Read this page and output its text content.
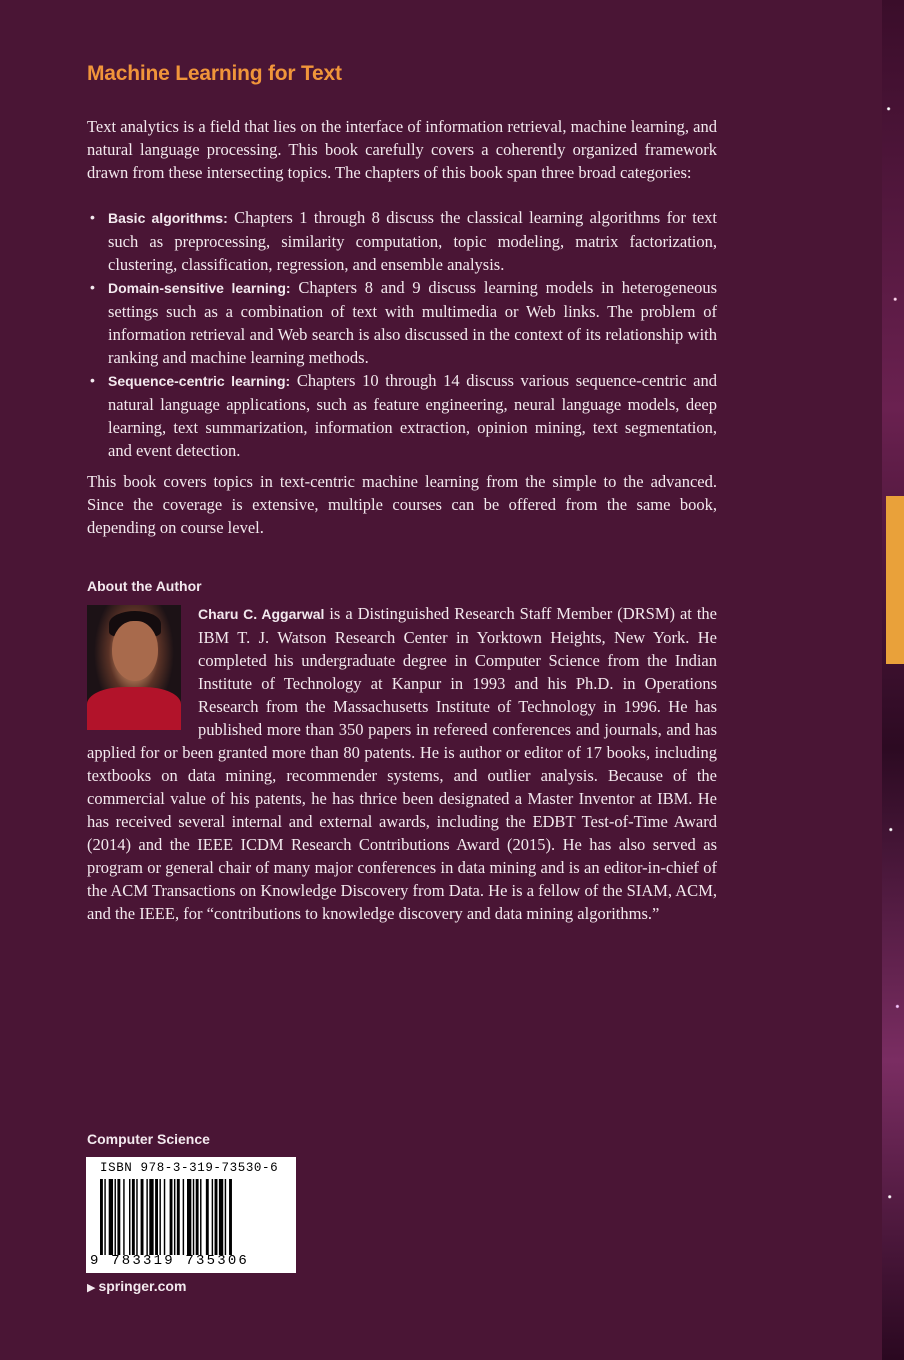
Machine Learning for Text
Text analytics is a field that lies on the interface of information retrieval, machine learning, and natural language processing. This book carefully covers a coherently organized framework drawn from these intersecting topics. The chapters of this book span three broad categories:
• Basic algorithms: Chapters 1 through 8 discuss the classical learning algorithms for text such as preprocessing, similarity computation, topic modeling, matrix factorization, clustering, classification, regression, and ensemble analysis.
• Domain-sensitive learning: Chapters 8 and 9 discuss learning models in heterogeneous settings such as a combination of text with multimedia or Web links. The problem of information retrieval and Web search is also discussed in the context of its relationship with ranking and machine learning methods.
• Sequence-centric learning: Chapters 10 through 14 discuss various sequence-centric and natural language applications, such as feature engineering, neural language models, deep learning, text summarization, information extraction, opinion mining, text segmentation, and event detection.
This book covers topics in text-centric machine learning from the simple to the advanced. Since the coverage is extensive, multiple courses can be offered from the same book, depending on course level.
About the Author
Charu C. Aggarwal is a Distinguished Research Staff Member (DRSM) at the IBM T. J. Watson Research Center in Yorktown Heights, New York. He completed his undergraduate degree in Computer Science from the Indian Institute of Technology at Kanpur in 1993 and his Ph.D. in Operations Research from the Massachusetts Institute of Technology in 1996. He has published more than 350 papers in refereed conferences and journals, and has applied for or been granted more than 80 patents. He is author or editor of 17 books, including textbooks on data mining, recommender systems, and outlier analysis. Because of the commercial value of his patents, he has thrice been designated a Master Inventor at IBM. He has received several internal and external awards, including the EDBT Test-of-Time Award (2014) and the IEEE ICDM Research Contributions Award (2015). He has also served as program or general chair of many major conferences in data mining and is an editor-in-chief of the ACM Transactions on Knowledge Discovery from Data. He is a fellow of the SIAM, ACM, and the IEEE, for “contributions to knowledge discovery and data mining algorithms.”
Computer Science
ISBN 978-3-319-73530-6
9 783319 735306
▶ springer.com
